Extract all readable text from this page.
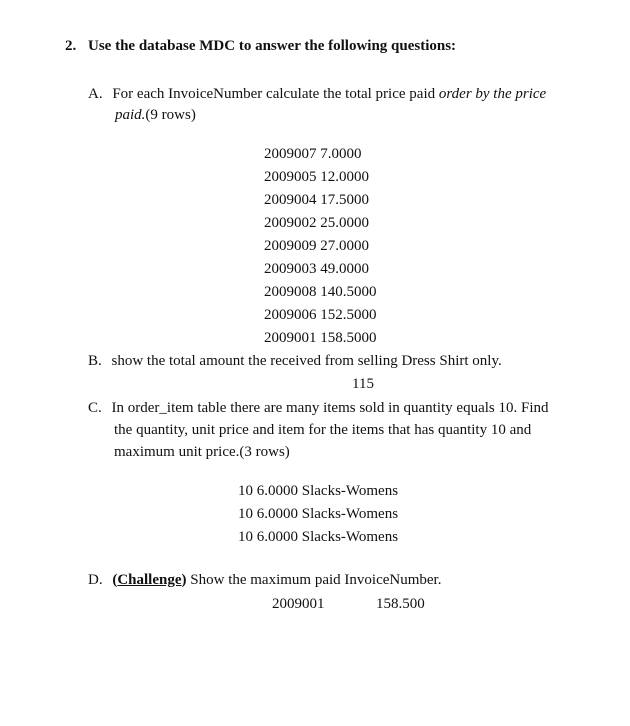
2. Use the database MDC to answer the following questions:
A. For each InvoiceNumber calculate the total price paid order by the price
paid.(9 rows)
2009007 7.0000
2009005 12.0000
2009004 17.5000
2009002 25.0000
2009009 27.0000
2009003 49.0000
2009008 140.5000
2009006 152.5000
2009001 158.5000
B. show the total amount the received from selling Dress Shirt only.
115
C. In order_item table there are many items sold in quantity equals 10. Find
the quantity, unit price and item for the items that has quantity 10 and
maximum unit price.(3 rows)
10 6.0000 Slacks-Womens
10 6.0000 Slacks-Womens
10 6.0000 Slacks-Womens
D. (Challenge) Show the maximum paid InvoiceNumber.
2009001	158.500
